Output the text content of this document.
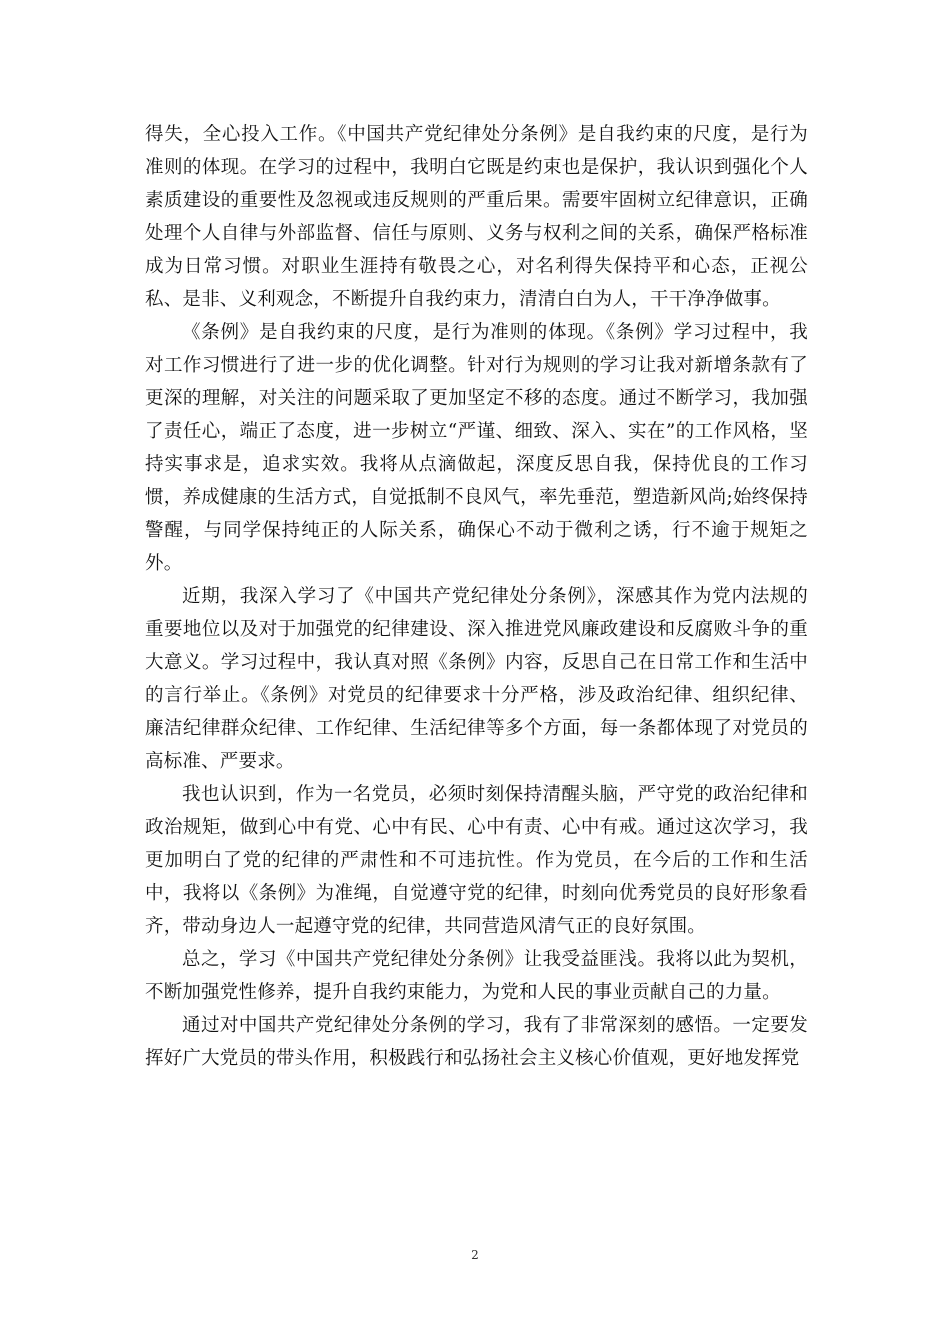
得失，全心投入工作。《中国共产党纪律处分条例》是自我约束的尺度，是行为准则的体现。在学习的过程中，我明白它既是约束也是保护，我认识到强化个人素质建设的重要性及忽视或违反规则的严重后果。需要牢固树立纪律意识，正确处理个人自律与外部监督、信任与原则、义务与权利之间的关系，确保严格标准成为日常习惯。对职业生涯持有敬畏之心，对名利得失保持平和心态，正视公私、是非、义利观念，不断提升自我约束力，清清白白为人，干干净净做事。

《条例》是自我约束的尺度，是行为准则的体现。《条例》学习过程中，我对工作习惯进行了进一步的优化调整。针对行为规则的学习让我对新增条款有了更深的理解，对关注的问题采取了更加坚定不移的态度。通过不断学习，我加强了责任心，端正了态度，进一步树立“严谨、细致、深入、实在”的工作风格，坚持实事求是，追求实效。我将从点滴做起，深度反思自我，保持优良的工作习惯，养成健康的生活方式，自觉抵制不良风气，率先垂范，塑造新风尚;始终保持警醒，与同学保持纯正的人际关系，确保心不动于微利之诱，行不逾于规矩之外。

近期，我深入学习了《中国共产党纪律处分条例》，深感其作为党内法规的重要地位以及对于加强党的纪律建设、深入推进党风廉政建设和反腐败斗争的重大意义。学习过程中，我认真对照《条例》内容，反思自己在日常工作和生活中的言行举止。《条例》对党员的纪律要求十分严格，涉及政治纪律、组织纪律、廉洁纪律群众纪律、工作纪律、生活纪律等多个方面，每一条都体现了对党员的高标准、严要求。

我也认识到，作为一名党员，必须时刻保持清醒头脑，严守党的政治纪律和政治规矩，做到心中有党、心中有民、心中有责、心中有戒。通过这次学习，我更加明白了党的纪律的严肃性和不可违抗性。作为党员，在今后的工作和生活中，我将以《条例》为准绳，自觉遵守党的纪律，时刻向优秀党员的良好形象看齐，带动身边人一起遵守党的纪律，共同营造风清气正的良好氛围。

总之，学习《中国共产党纪律处分条例》让我受益匪浅。我将以此为契机，不断加强党性修养，提升自我约束能力，为党和人民的事业贡献自己的力量。

通过对中国共产党纪律处分条例的学习，我有了非常深刻的感悟。一定要发挥好广大党员的带头作用，积极践行和弘扬社会主义核心价值观，更好地发挥党

2
